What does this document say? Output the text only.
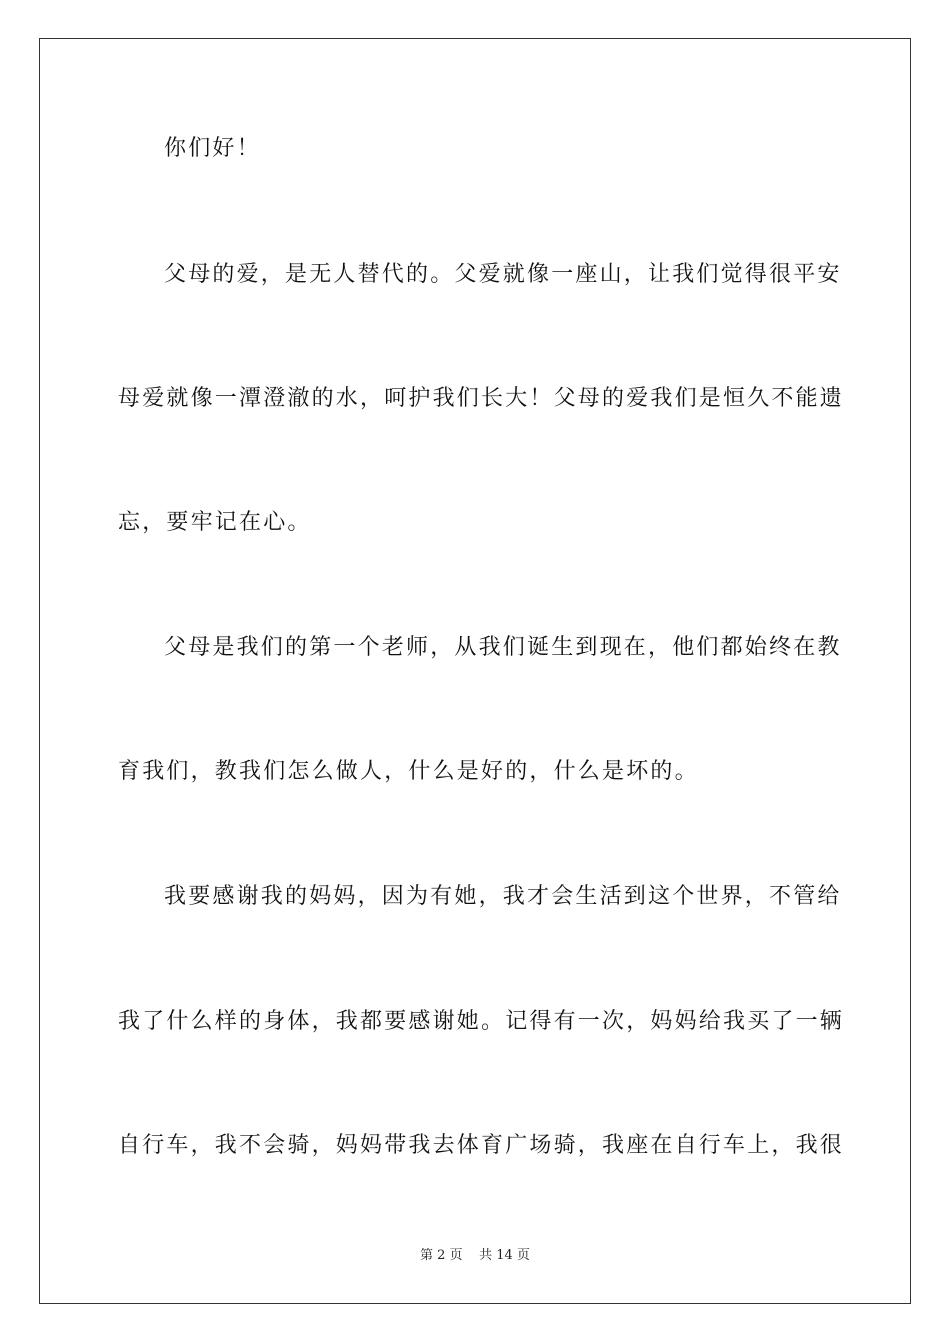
你们好！
父母的爱，是无人替代的。父爱就像一座山，让我们觉得很平安
母爱就像一潭澄澈的水，呵护我们长大！父母的爱我们是恒久不能遗
忘，要牢记在心。
父母是我们的第一个老师，从我们诞生到现在，他们都始终在教
育我们，教我们怎么做人，什么是好的，什么是坏的。
我要感谢我的妈妈，因为有她，我才会生活到这个世界，不管给
我了什么样的身体，我都要感谢她。记得有一次，妈妈给我买了一辆
自行车，我不会骑，妈妈带我去体育广场骑，我座在自行车上，我很
第 2 页 共 14 页
